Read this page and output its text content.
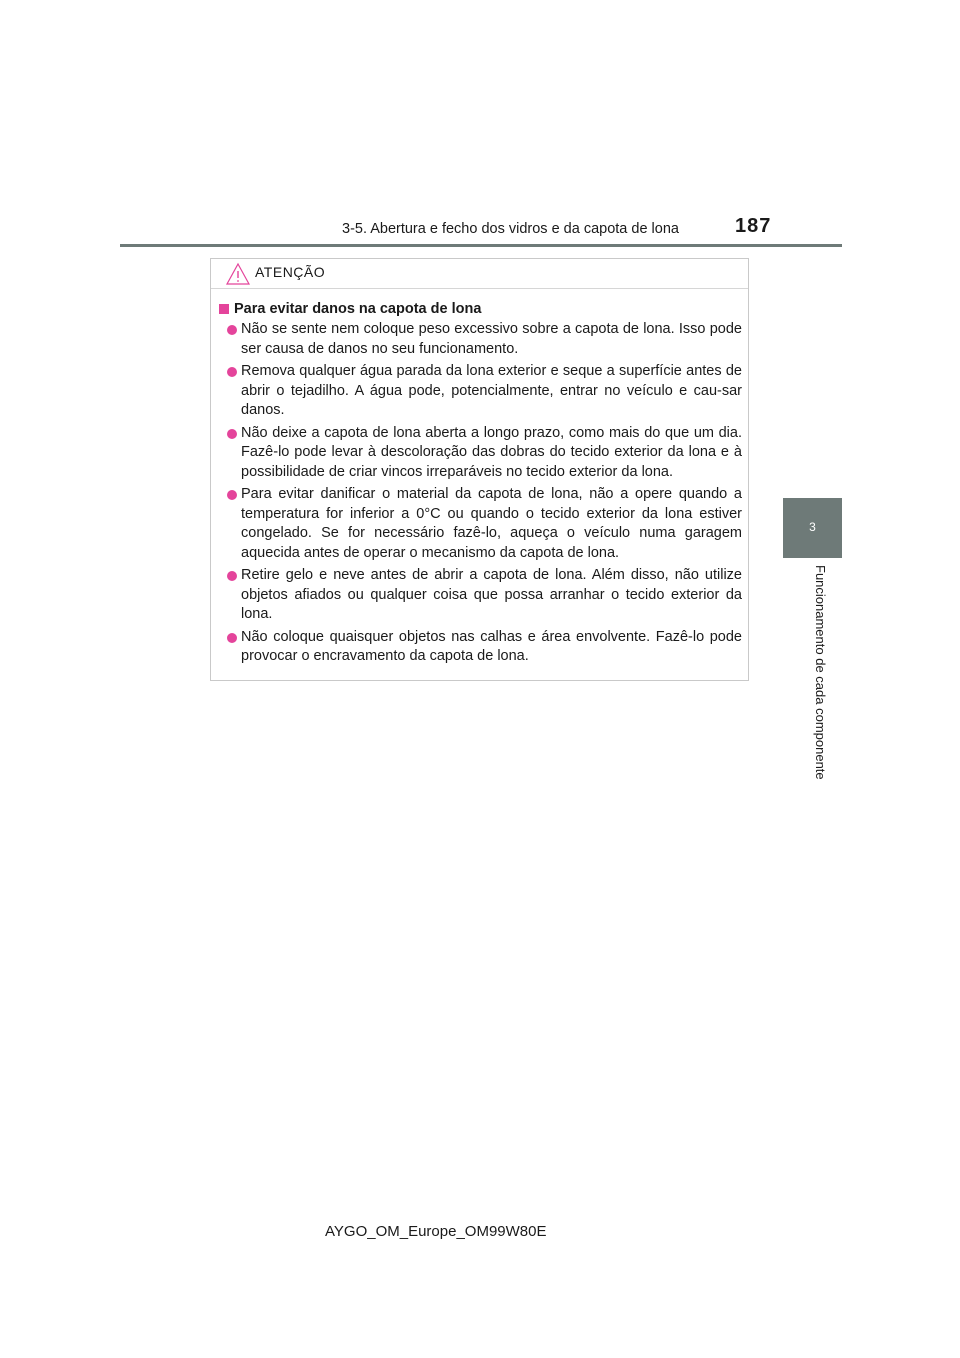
3-5. Abertura e fecho dos vidros e da capota de lona	187
3
Funcionamento de cada componente
ATENÇÃO
Para evitar danos na capota de lona
Não se sente nem coloque peso excessivo sobre a capota de lona. Isso pode ser causa de danos no seu funcionamento.
Remova qualquer água parada da lona exterior e seque a superfície antes de abrir o tejadilho. A água pode, potencialmente, entrar no veículo e cau-sar danos.
Não deixe a capota de lona aberta a longo prazo, como mais do que um dia. Fazê-lo pode levar à descoloração das dobras do tecido exterior da lona e à possibilidade de criar vincos irreparáveis no tecido exterior da lona.
Para evitar danificar o material da capota de lona, não a opere quando a temperatura for inferior a 0°C ou quando o tecido exterior da lona estiver congelado. Se for necessário fazê-lo, aqueça o veículo numa garagem aquecida antes de operar o mecanismo da capota de lona.
Retire gelo e neve antes de abrir a capota de lona. Além disso, não utilize objetos afiados ou qualquer coisa que possa arranhar o tecido exterior da lona.
Não coloque quaisquer objetos nas calhas e área envolvente. Fazê-lo pode provocar o encravamento da capota de lona.
AYGO_OM_Europe_OM99W80E
